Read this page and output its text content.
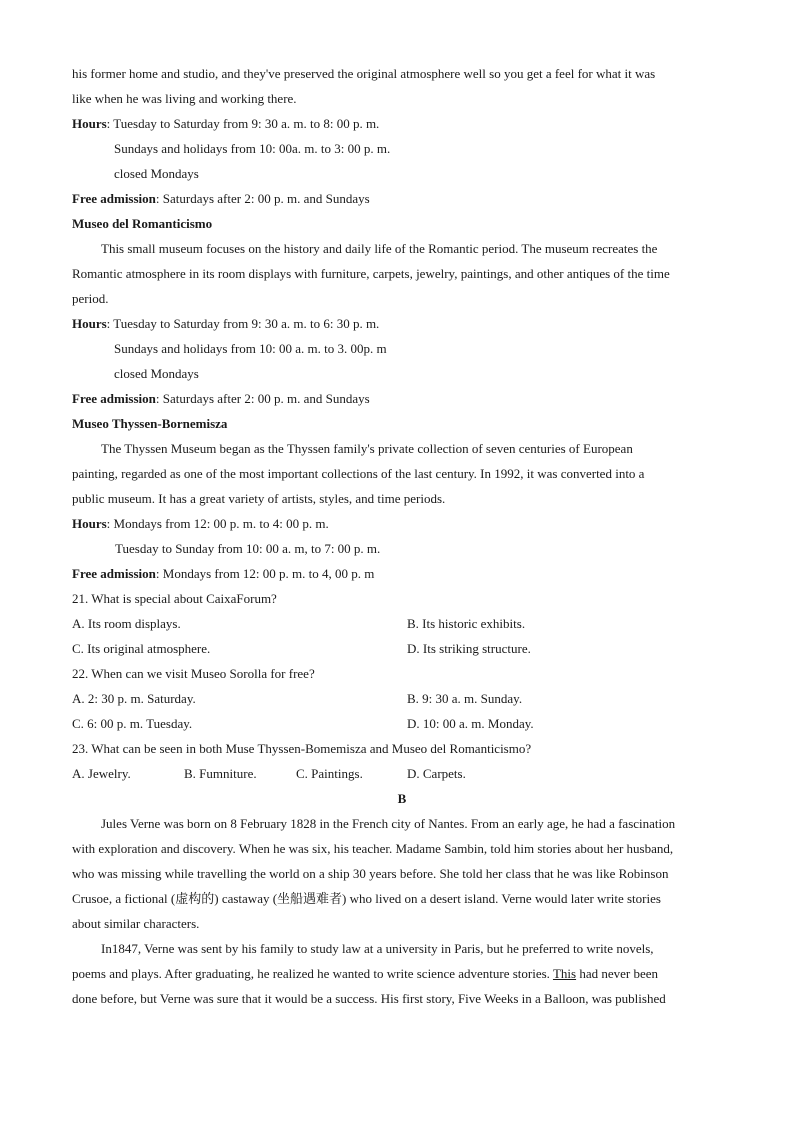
his former home and studio, and they've preserved the original atmosphere well so you get a feel for what it was
like when he was living and working there.
Hours: Tuesday to Saturday from 9: 30 a. m. to 8: 00 p. m.
Sundays and holidays from 10: 00a. m. to 3: 00 p. m.
closed Mondays
Free admission: Saturdays after 2: 00 p. m. and Sundays
Museo del Romanticismo
This small museum focuses on the history and daily life of the Romantic period. The museum recreates the
Romantic atmosphere in its room displays with furniture, carpets, jewelry, paintings, and other antiques of the time
period.
Hours: Tuesday to Saturday from 9: 30 a. m. to 6: 30 p. m.
Sundays and holidays from 10: 00 a. m. to 3. 00p. m
closed Mondays
Free admission: Saturdays after 2: 00 p. m. and Sundays
Museo Thyssen-Bornemisza
The Thyssen Museum began as the Thyssen family's private collection of seven centuries of European
painting, regarded as one of the most important collections of the last century. In 1992, it was converted into a
public museum. It has a great variety of artists, styles, and time periods.
Hours: Mondays from 12: 00 p. m. to 4: 00 p. m.
Tuesday to Sunday from 10: 00 a. m, to 7: 00 p. m.
Free admission: Mondays from 12: 00 p. m. to 4, 00 p. m
21. What is special about CaixaForum?
A. Its room displays.	B. Its historic exhibits.
C. Its original atmosphere.	D. Its striking structure.
22. When can we visit Museo Sorolla for free?
A. 2: 30 p. m. Saturday.	B. 9: 30 a. m. Sunday.
C. 6: 00 p. m. Tuesday.	D. 10: 00 a. m. Monday.
23. What can be seen in both Muse Thyssen-Bomemisza and Museo del Romanticismo?
A. Jewelry.	B. Fumniture.	C. Paintings.	D. Carpets.
B
Jules Verne was born on 8 February 1828 in the French city of Nantes. From an early age, he had a fascination
with exploration and discovery. When he was six, his teacher. Madame Sambin, told him stories about her husband,
who was missing while travelling the world on a ship 30 years before. She told her class that he was like Robinson
Crusoe, a fictional (虚构的) castaway (坐船遇难者) who lived on a desert island. Verne would later write stories
about similar characters.
In1847, Verne was sent by his family to study law at a university in Paris, but he preferred to write novels,
poems and plays. After graduating, he realized he wanted to write science adventure stories. This had never been
done before, but Verne was sure that it would be a success. His first story, Five Weeks in a Balloon, was published
